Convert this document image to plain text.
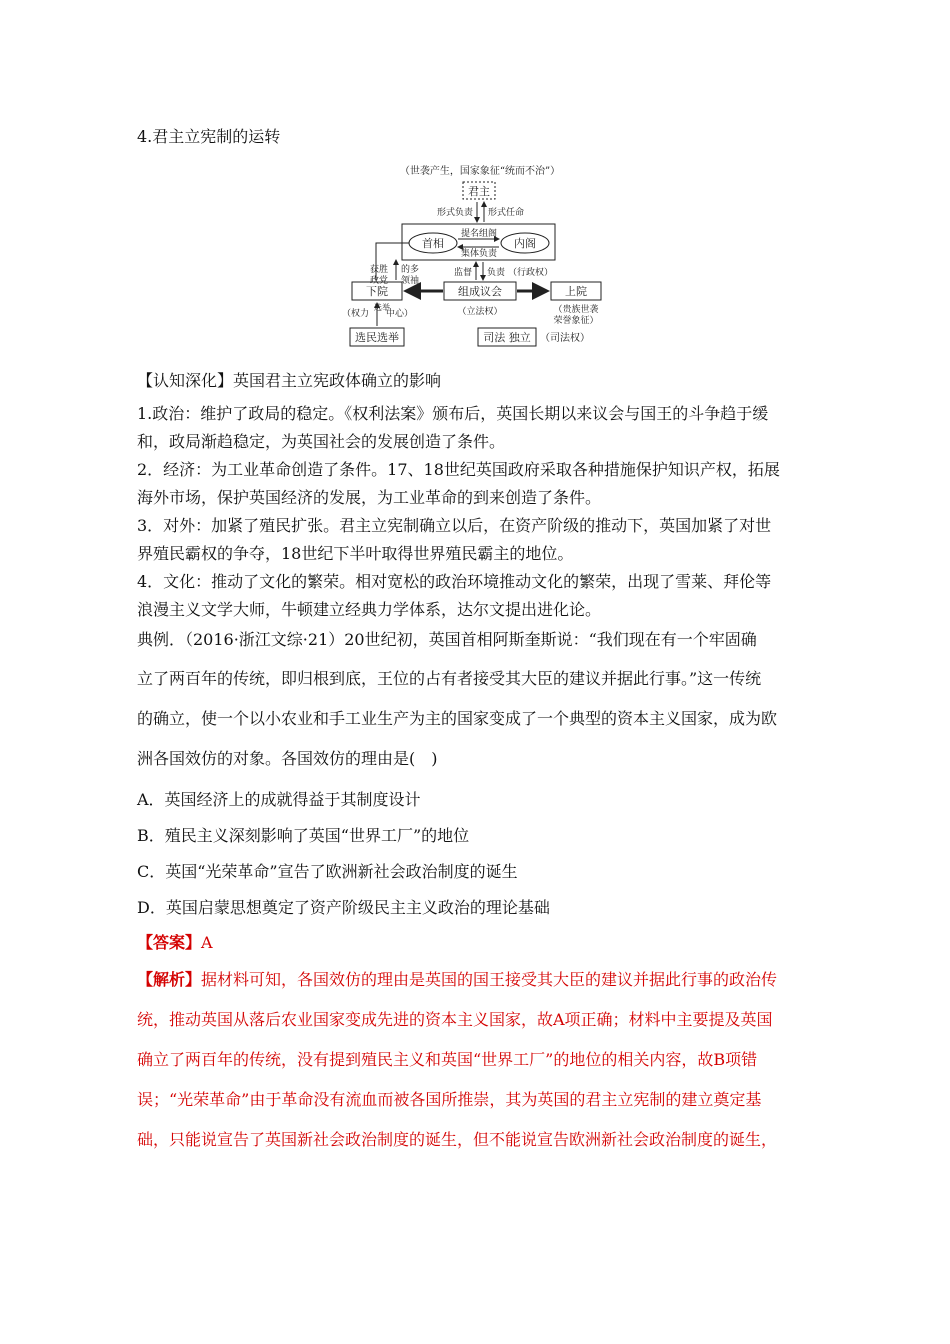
4.君主立宪制的运转
（世袭产生，国家象征“统而不治”）
君主
形式负责 形式任命
首相	内阁
提名组阁
集体负责
获胜
政党
的多
领袖
监督 负责 （行政权）
下院	组成议会	上院
（权力
选举
中心）	（立法权）	（贵族世袭
荣誉象征）
选民选举	司法 独立 （司法权）
【认知深化】英国君主立宪政体确立的影响
1.政治：维护了政局的稳定。《权利法案》颁布后，英国长期以来议会与国王的斗争趋于缓
和，政局渐趋稳定，为英国社会的发展创造了条件。
2．经济：为工业革命创造了条件。17、18世纪英国政府采取各种措施保护知识产权，拓展
海外市场，保护英国经济的发展，为工业革命的到来创造了条件。
3．对外：加紧了殖民扩张。君主立宪制确立以后，在资产阶级的推动下，英国加紧了对世
界殖民霸权的争夺，18世纪下半叶取得世界殖民霸主的地位。
4．文化：推动了文化的繁荣。相对宽松的政治环境推动文化的繁荣，出现了雪莱、拜伦等
浪漫主义文学大师，牛顿建立经典力学体系，达尔文提出进化论。
典例．（2016·浙江文综·21）20世纪初，英国首相阿斯奎斯说：“我们现在有一个牢固确
立了两百年的传统，即归根到底，王位的占有者接受其大臣的建议并据此行事。”这一传统
的确立，使一个以小农业和手工业生产为主的国家变成了一个典型的资本主义国家，成为欧
洲各国效仿的对象。各国效仿的理由是(　)
A．英国经济上的成就得益于其制度设计
B．殖民主义深刻影响了英国“世界工厂”的地位
C．英国“光荣革命”宣告了欧洲新社会政治制度的诞生
D．英国启蒙思想奠定了资产阶级民主主义政治的理论基础
【答案】A
【解析】据材料可知，各国效仿的理由是英国的国王接受其大臣的建议并据此行事的政治传
统，推动英国从落后农业国家变成先进的资本主义国家，故A项正确；材料中主要提及英国
确立了两百年的传统，没有提到殖民主义和英国“世界工厂”的地位的相关内容，故B项错
误；“光荣革命”由于革命没有流血而被各国所推崇，其为英国的君主立宪制的建立奠定基
础，只能说宣告了英国新社会政治制度的诞生，但不能说宣告欧洲新社会政治制度的诞生，
